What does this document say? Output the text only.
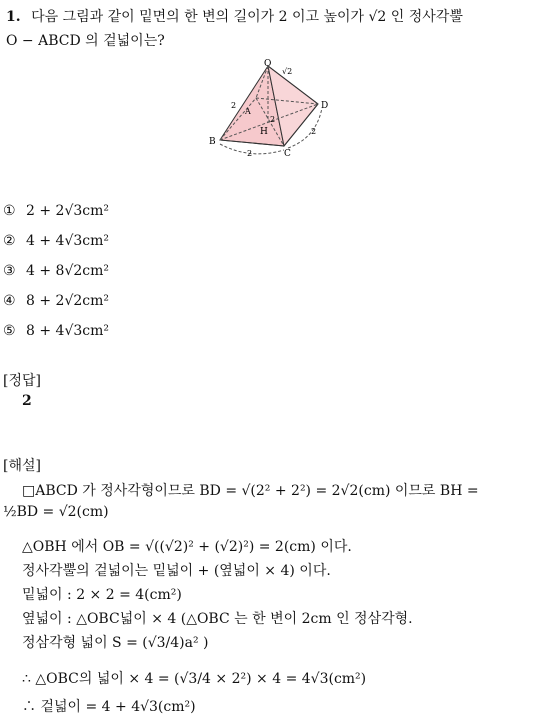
1. 다음 그림과 같이 밑면의 한 변의 길이가 2 이고 높이가 √2 인 정사각뿔
O − ABCD 의 겉넓이는?
O
√2
A
B
C
D
H
2
2
2
2
① 2 + 2√3cm²
② 4 + 4√3cm²
③ 4 + 8√2cm²
④ 8 + 2√2cm²
⑤ 8 + 4√3cm²
[정답]
2
[해설]
□ABCD 가 정사각형이므로 BD = √(2² + 2²) = 2√2(cm) 이므로 BH =
½BD = √2(cm)
△OBH 에서 OB = √((√2)² + (√2)²) = 2(cm) 이다.
정사각뿔의 겉넓이는 밑넓이 + (옆넓이 × 4) 이다.
밑넓이 : 2 × 2 = 4(cm²)
옆넓이 : △OBC넓이 × 4 (△OBC 는 한 변이 2cm 인 정삼각형.
정삼각형 넓이 S = (√3/4)a² )
∴ △OBC의 넓이 × 4 = (√3/4 × 2²) × 4 = 4√3(cm²)
∴ 겉넓이 = 4 + 4√3(cm²)
